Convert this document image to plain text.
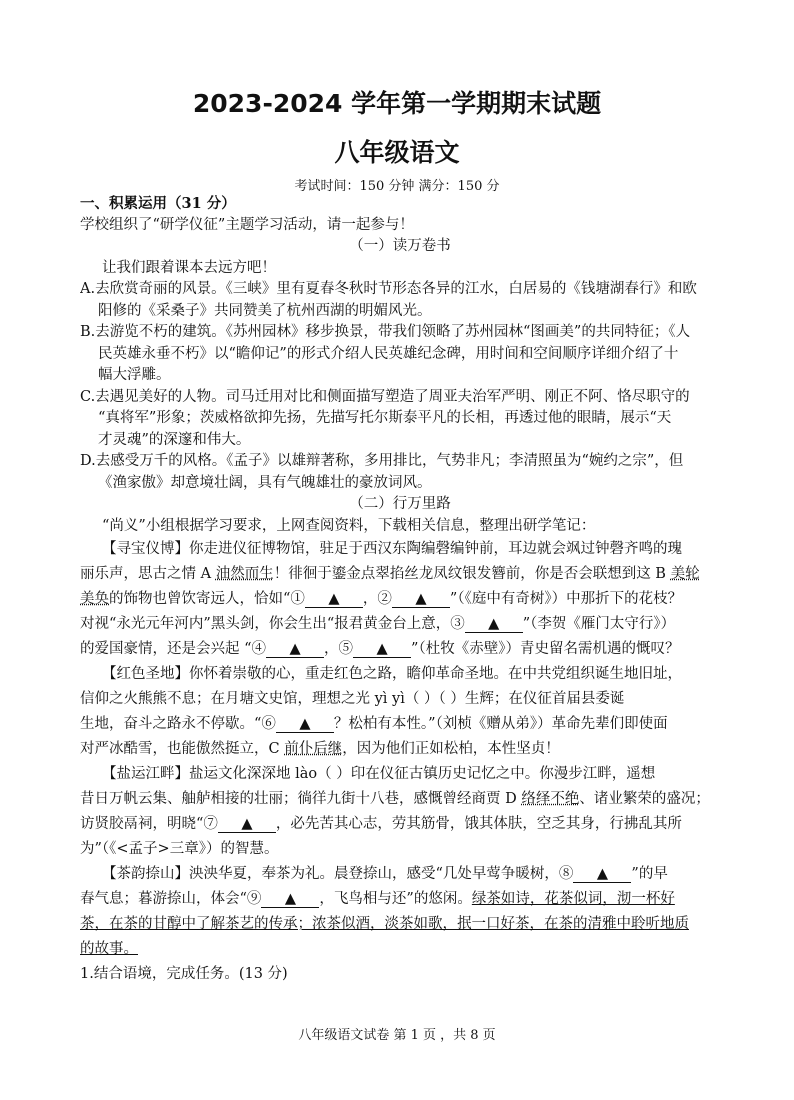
2023-2024 学年第一学期期末试题
八年级语文
考试时间：150 分钟 满分：150 分
一、积累运用（31 分）
学校组织了“研学仪征”主题学习活动，请一起参与！
（一）读万卷书
让我们跟着课本去远方吧！
A.去欣赏奇丽的风景。《三峡》里有夏春冬秋时节形态各异的江水，白居易的《钱塘湖春行》和欧
阳修的《采桑子》共同赞美了杭州西湖的明媚风光。
B.去游览不朽的建筑。《苏州园林》移步换景，带我们领略了苏州园林“图画美”的共同特征；《人
民英雄永垂不朽》以“瞻仰记”的形式介绍人民英雄纪念碑，用时间和空间顺序详细介绍了十
幅大浮雕。
C.去遇见美好的人物。司马迁用对比和侧面描写塑造了周亚夫治军严明、刚正不阿、恪尽职守的
“真将军”形象；茨威格欲抑先扬，先描写托尔斯泰平凡的长相，再透过他的眼睛，展示“天
才灵魂”的深邃和伟大。
D.去感受万千的风格。《孟子》以雄辩著称，多用排比，气势非凡；李清照虽为“婉约之宗”，但
《渔家傲》却意境壮阔，具有气魄雄壮的豪放词风。
（二）行万里路
“尚义”小组根据学习要求，上网查阅资料，下载相关信息，整理出研学笔记：
【寻宝仪博】你走进仪征博物馆，驻足于西汉东陶编磬编钟前，耳边就会飒过钟磬齐鸣的瑰
丽乐声，思古之情 A 油然而生！徘徊于鎏金点翠掐丝龙凤纹银发簪前，你是否会联想到这 B 美轮
美奂的饰物也曾饮寄远人，恰如“① ▲ ，② ▲ ”（《庭中有奇树》）中那折下的花枝？
对视“永光元年河内”黑头剑，你会生出“报君黄金台上意，③ ▲ ”（李贺《雁门太守行》）
的爱国豪情，还是会兴起 “④ ▲ ，⑤ ▲ ”（杜牧《赤壁》）青史留名需机遇的慨叹？
【红色圣地】你怀着崇敬的心，重走红色之路，瞻仰革命圣地。在中共党组织诞生地旧址，
信仰之火熊熊不息；在月塘文史馆，理想之光 yì yì（ ）（ ）生辉；在仪征首届县委诞
生地，奋斗之路永不停歇。“⑥ ▲ ？松柏有本性。”（刘桢《赠从弟》）革命先辈们即使面
对严冰酷雪，也能傲然挺立，C 前仆后继，因为他们正如松柏，本性坚贞！
【盐运江畔】盐运文化深深地 lào（ ）印在仪征古镇历史记忆之中。你漫步江畔，遥想
昔日万帆云集、舳舻相接的壮丽；徜徉九街十八巷，感慨曾经商贾 D 络绎不绝、诸业繁荣的盛况；
访贤胶鬲祠，明晓“⑦ ▲ ，必先苦其心志，劳其筋骨，饿其体肤，空乏其身，行拂乱其所
为”（《<孟子>三章》）的智慧。
【茶韵捺山】泱泱华夏，奉茶为礼。晨登捺山，感受“几处早莺争暖树，⑧ ▲ ”的早
春气息；暮游捺山，体会“⑨ ▲ ，飞鸟相与还”的悠闲。绿茶如诗，花茶似词，沏一杯好
茶，在茶的甘醇中了解茶艺的传承；浓茶似酒，淡茶如歌，抿一口好茶，在茶的清雅中聆听地质
的故事。
1.结合语境，完成任务。(13 分)
八年级语文试卷 第 1 页 ，共 8 页
